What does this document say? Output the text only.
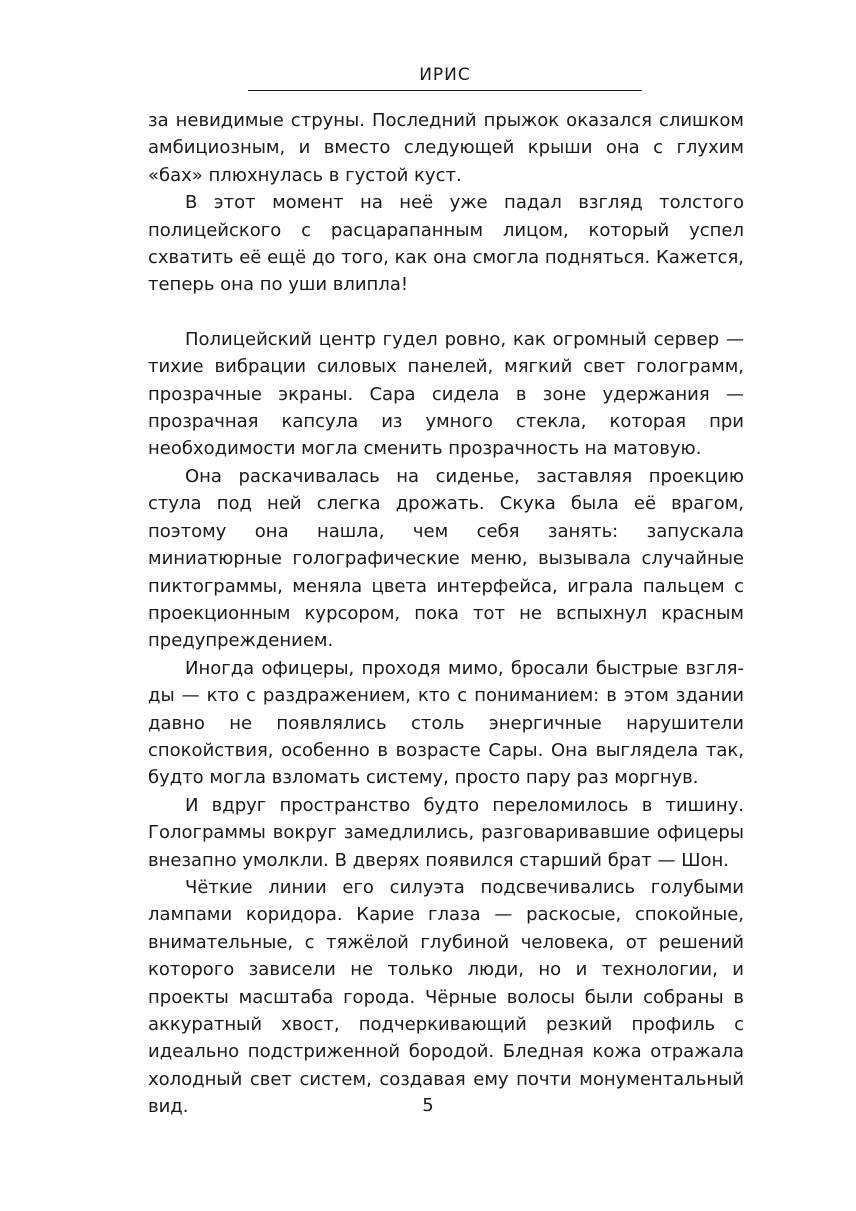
ИРИС

за невидимые струны. Последний прыжок оказался слишком амбициозным, и вместо следующей крыши она с глухим «бах» плюхнулась в густой куст.

В этот момент на неё уже падал взгляд толстого полицейского с расцарапанным лицом, который успел схватить её ещё до того, как она смогла подняться. Кажется, теперь она по уши влипла!

Полицейский центр гудел ровно, как огромный сервер — тихие вибрации силовых панелей, мягкий свет голограмм, прозрачные экраны. Сара сидела в зоне удержания — прозрачная капсула из умного стекла, которая при необходимости могла сменить прозрачность на матовую.

Она раскачивалась на сиденье, заставляя проекцию стула под ней слегка дрожать. Скука была её врагом, поэтому она нашла, чем себя занять: запускала миниатюрные голографические меню, вызывала случайные пиктограммы, меняла цвета интерфейса, играла пальцем с проекционным курсором, пока тот не вспыхнул красным предупреждением.

Иногда офицеры, проходя мимо, бросали быстрые взгляды — кто с раздражением, кто с пониманием: в этом здании давно не появлялись столь энергичные нарушители спокойствия, особенно в возрасте Сары. Она выглядела так, будто могла взломать систему, просто пару раз моргнув.

И вдруг пространство будто переломилось в тишину. Голограммы вокруг замедлились, разговаривавшие офицеры внезапно умолкли. В дверях появился старший брат — Шон.

Чёткие линии его силуэта подсвечивались голубыми лампами коридора. Карие глаза — раскосые, спокойные, внимательные, с тяжёлой глубиной человека, от решений которого зависели не только люди, но и технологии, и проекты масштаба города. Чёрные волосы были собраны в аккуратный хвост, подчеркивающий резкий профиль с идеально подстриженной бородой. Бледная кожа отражала холодный свет систем, создавая ему почти монументальный вид.	5
